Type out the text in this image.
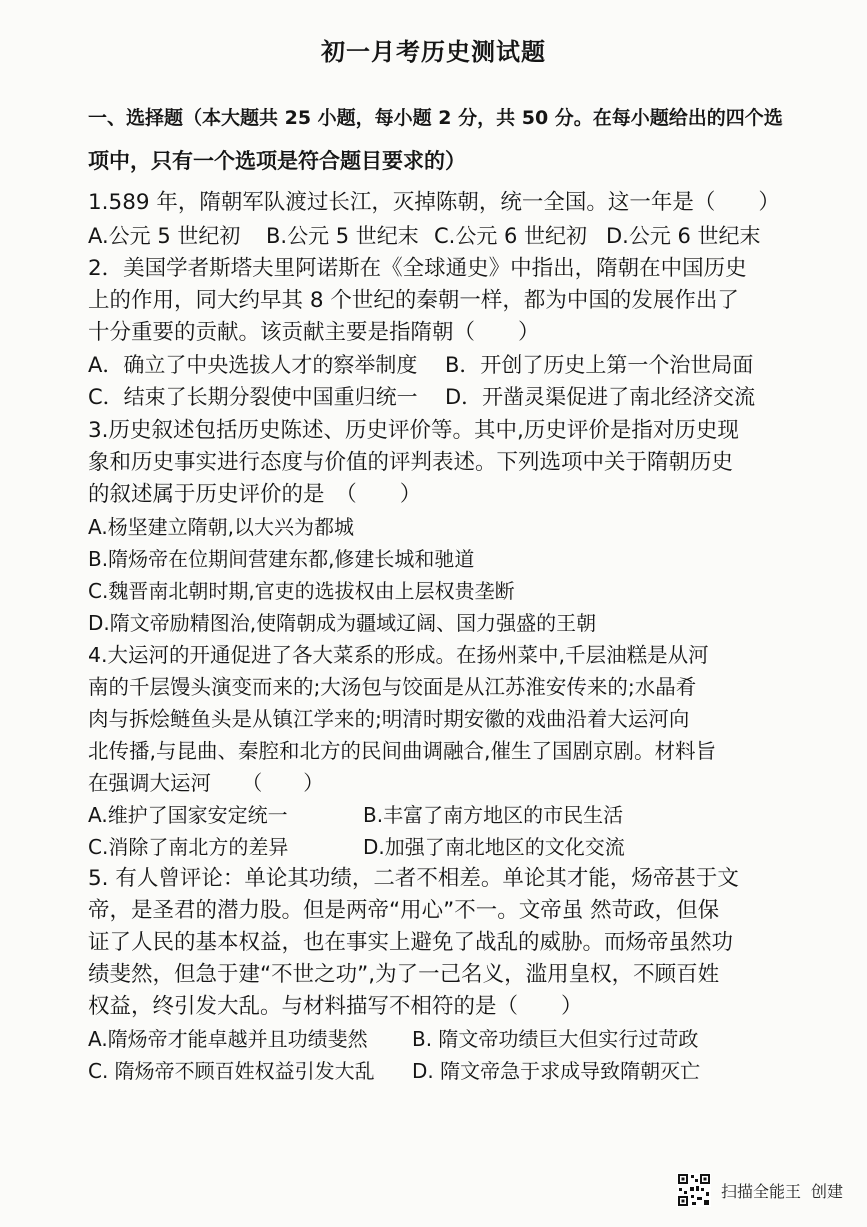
初一月考历史测试题
一、选择题（本大题共 25 小题，每小题 2 分，共 50 分。在每小题给出的四个选
项中，只有一个选项是符合题目要求的）
1.589 年，隋朝军队渡过长江，灭掉陈朝，统一全国。这一年是（　　）
A.公元 5 世纪初 B.公元 5 世纪末 C.公元 6 世纪初 D.公元 6 世纪末
2．美国学者斯塔夫里阿诺斯在《全球通史》中指出，隋朝在中国历史
上的作用，同大约早其 8 个世纪的秦朝一样，都为中国的发展作出了
十分重要的贡献。该贡献主要是指隋朝（　　）
A．确立了中央选拔人才的察举制度 B．开创了历史上第一个治世局面
C．结束了长期分裂使中国重归统一 D．开凿灵渠促进了南北经济交流
3.历史叙述包括历史陈述、历史评价等。其中,历史评价是指对历史现
象和历史事实进行态度与价值的评判表述。下列选项中关于隋朝历史
的叙述属于历史评价的是　（　　）
A.杨坚建立隋朝,以大兴为都城
B.隋炀帝在位期间营建东都,修建长城和驰道
C.魏晋南北朝时期,官吏的选拔权由上层权贵垄断
D.隋文帝励精图治,使隋朝成为疆域辽阔、国力强盛的王朝
4.大运河的开通促进了各大菜系的形成。在扬州菜中,千层油糕是从河
南的千层馒头演变而来的;大汤包与饺面是从江苏淮安传来的;水晶肴
肉与拆烩鲢鱼头是从镇江学来的;明清时期安徽的戏曲沿着大运河向
北传播,与昆曲、秦腔和北方的民间曲调融合,催生了国剧京剧。材料旨
在强调大运河　　（　　）
A.维护了国家安定统一	B.丰富了南方地区的市民生活
C.消除了南北方的差异	D.加强了南北地区的文化交流
5. 有人曾评论：单论其功绩，二者不相差。单论其才能，炀帝甚于文
帝，是圣君的潜力股。但是两帝“用心”不一。文帝虽 然苛政，但保
证了人民的基本权益，也在事实上避免了战乱的威胁。而炀帝虽然功
绩斐然，但急于建“不世之功”,为了一己名义，滥用皇权，不顾百姓
权益，终引发大乱。与材料描写不相符的是（　　）
A.隋炀帝才能卓越并且功绩斐然 B. 隋文帝功绩巨大但实行过苛政
C. 隋炀帝不顾百姓权益引发大乱 D. 隋文帝急于求成导致隋朝灭亡
扫描全能王 创建
